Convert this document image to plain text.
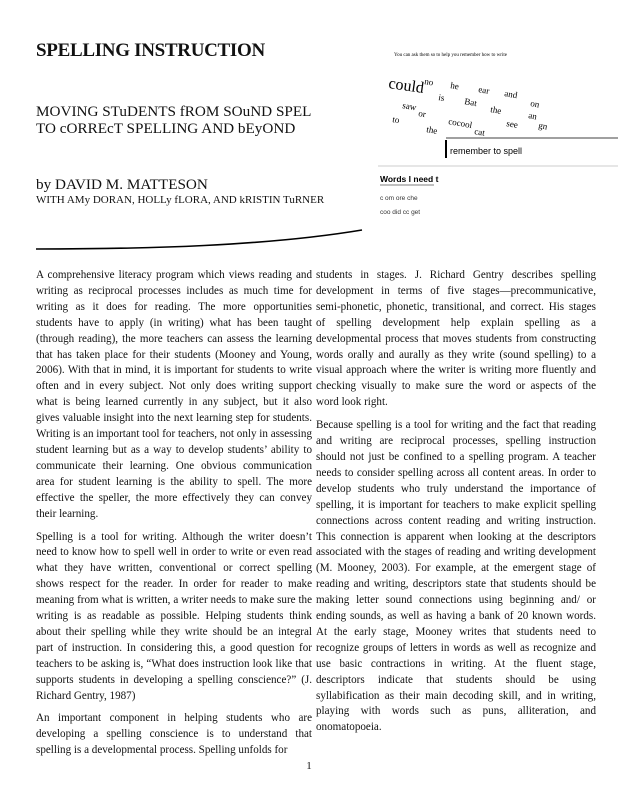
SPELLING INSTRUCTION
MOVING STuDENTS fROM SOuND SPEL
TO cORREcT SPELLING AND bEyOND
by DAVID M. MATTESON
WITH AMy DORAN, HOLLy fLORA, AND kRISTIN TuRNER
You can ask them so to help you remember how to write
could
no he ear and
is Bat	on
saw	the
or
to	cocool	see gn
an
cat
the
remember to spell
Words I need t
c om ore che
coo did cc get

A comprehensive literacy program which views reading and writing as reciprocal processes includes as much time for writing as it does for reading. The more opportunities students have to apply (in writing) what has been taught (through reading), the more teachers can assess the learning that has taken place for their students (Mooney and Young, 2006). With that in mind, it is important for students to write often and in every subject. Not only does writing support what is being learned currently in any subject, but it also gives valuable insight into the next learning step for students. Writing is an important tool for teachers, not only in assessing student learning but as a way to develop students’ ability to communicate their learning. One obvious communication area for student learning is the ability to spell. The more effective the speller, the more effectively they can convey their learning.

Spelling is a tool for writing. Although the writer doesn’t need to know how to spell well in order to write or even read what they have written, conventional or correct spelling shows respect for the reader. In order for reader to make meaning from what is written, a writer needs to make sure the writing is as readable as possible. Helping students think about their spelling while they write should be an integral part of instruction. In considering this, a good question for teachers to be asking is, “What does instruction look like that supports students in developing a spelling conscience?” (J. Richard Gentry, 1987)

An important component in helping students who are developing a spelling conscience is to understand that spelling is a developmental process. Spelling unfolds for

students in stages. J. Richard Gentry describes spelling development in terms of five stages—precommunicative, semi-phonetic, phonetic, transitional, and correct. His stages of spelling development help explain spelling as a developmental process that moves students from constructing words orally and aurally as they write (sound spelling) to a visual approach where the writer is writing more fluently and checking visually to make sure the word or aspects of the word look right.

Because spelling is a tool for writing and the fact that reading and writing are reciprocal processes, spelling instruction should not just be confined to a spelling program. A teacher needs to consider spelling across all content areas. In order to develop students who truly understand the importance of spelling, it is important for teachers to make explicit spelling connections across content reading and writing instruction. This connection is apparent when looking at the descriptors associated with the stages of reading and writing development (M. Mooney, 2003). For example, at the emergent stage of reading and writing, descriptors state that students should be making letter sound connections using beginning and/ or ending sounds, as well as having a bank of 20 known words. At the early stage, Mooney writes that students need to recognize groups of letters in words as well as recognize and use basic contractions in writing. At the fluent stage, descriptors indicate that students should be using syllabification as their main decoding skill, and in writing, playing with words such as puns, alliteration, and onomatopoeia.

1
